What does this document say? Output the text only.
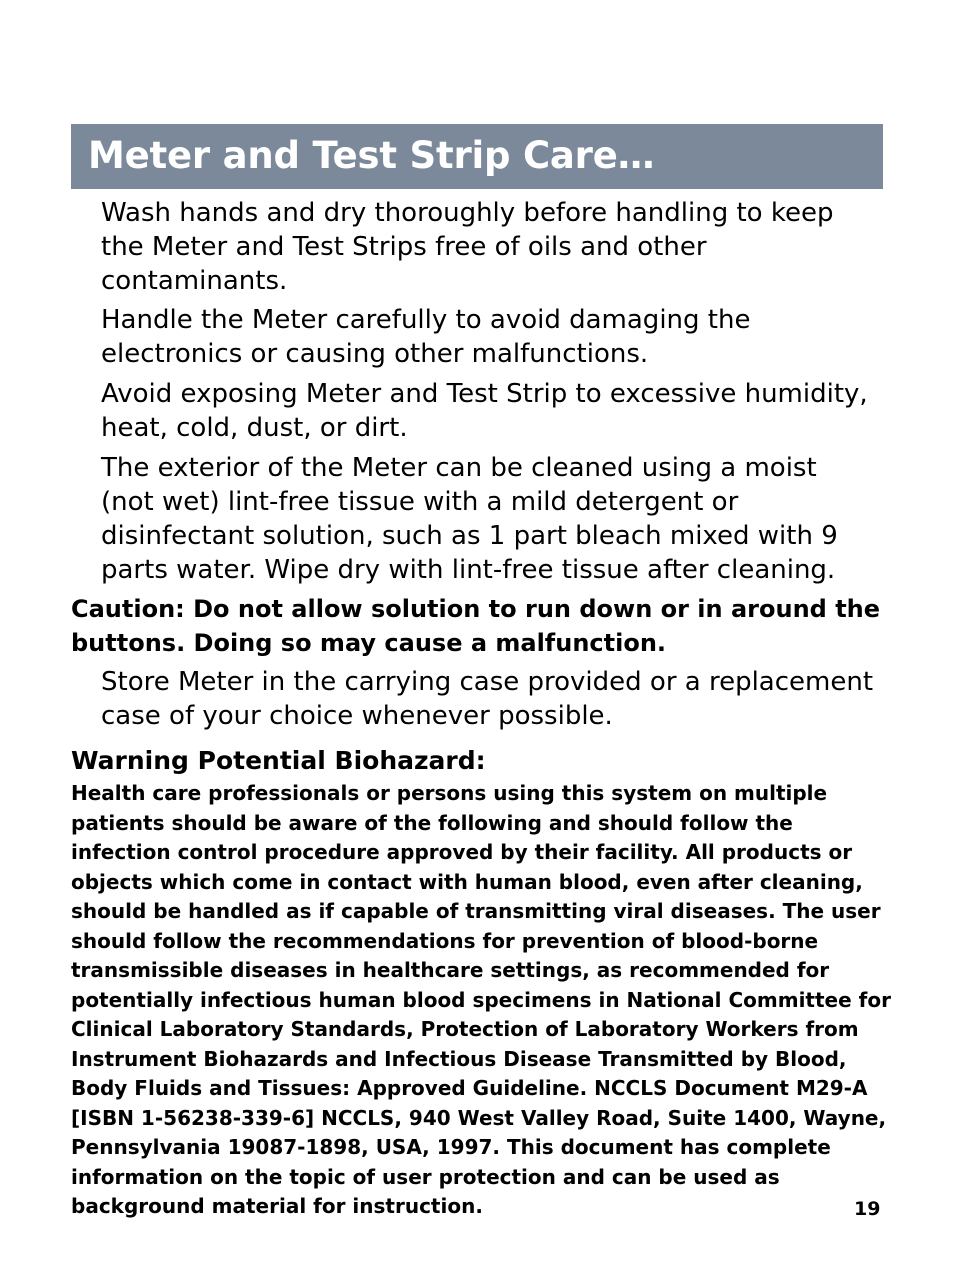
Meter and Test Strip Care…
Wash hands and dry thoroughly before handling to keep
the Meter and Test Strips free of oils and other
contaminants.
Handle the Meter carefully to avoid damaging the
electronics or causing other malfunctions.
Avoid exposing Meter and Test Strip to excessive humidity,
heat, cold, dust, or dirt.
The exterior of the Meter can be cleaned using a moist
(not wet) lint-free tissue with a mild detergent or
disinfectant solution, such as 1 part bleach mixed with 9
parts water. Wipe dry with lint-free tissue after cleaning.
Caution: Do not allow solution to run down or in around the
buttons. Doing so may cause a malfunction.
Store Meter in the carrying case provided or a replacement
case of your choice whenever possible.
Warning Potential Biohazard:
Health care professionals or persons using this system on multiple
patients should be aware of the following and should follow the
infection control procedure approved by their facility. All products or
objects which come in contact with human blood, even after cleaning,
should be handled as if capable of transmitting viral diseases. The user
should follow the recommendations for prevention of blood-borne
transmissible diseases in healthcare settings, as recommended for
potentially infectious human blood specimens in National Committee for
Clinical Laboratory Standards, Protection of Laboratory Workers from
Instrument Biohazards and Infectious Disease Transmitted by Blood,
Body Fluids and Tissues: Approved Guideline. NCCLS Document M29-A
[ISBN 1-56238-339-6] NCCLS, 940 West Valley Road, Suite 1400, Wayne,
Pennsylvania 19087-1898, USA, 1997. This document has complete
information on the topic of user protection and can be used as
background material for instruction.	19
